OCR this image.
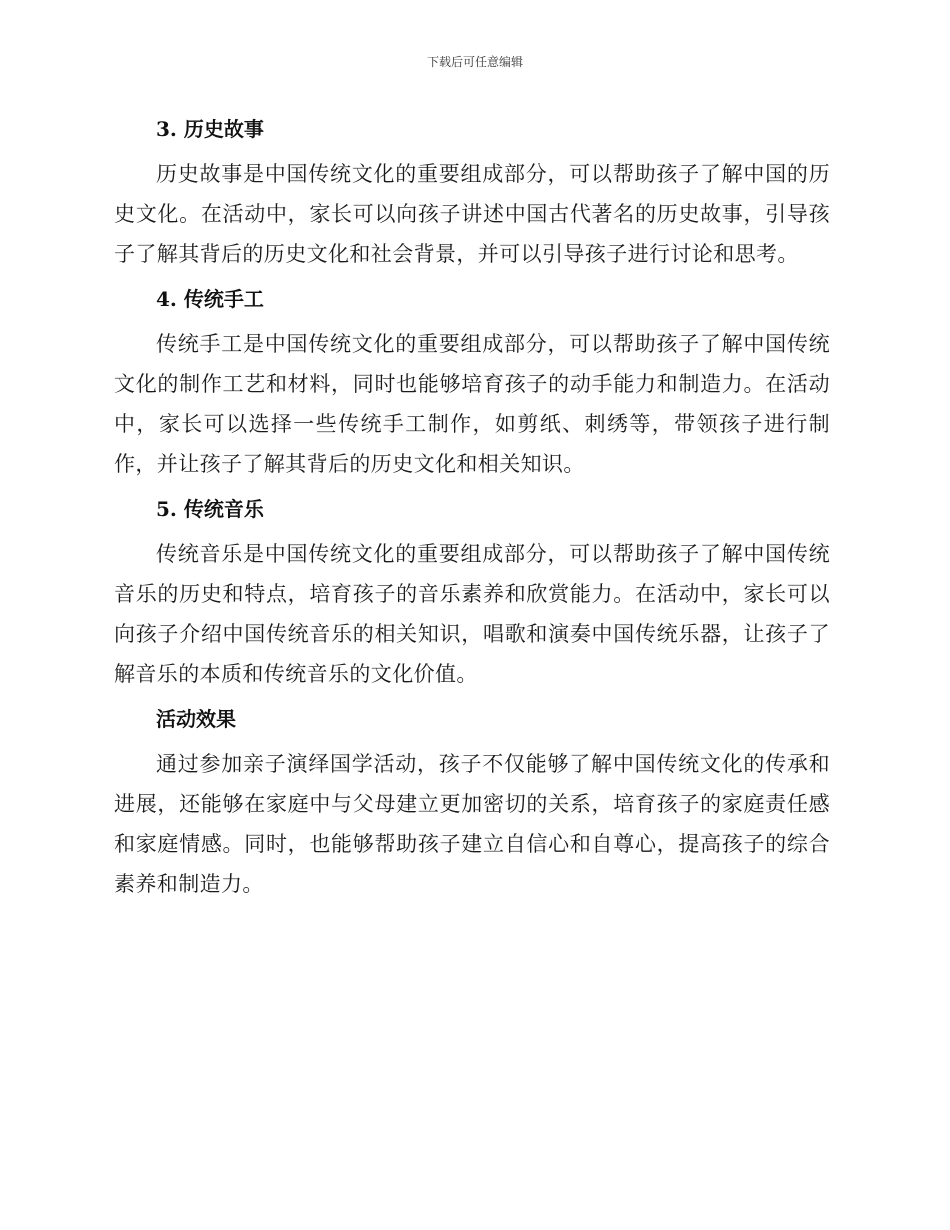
下载后可任意编辑
3. 历史故事

历史故事是中国传统文化的重要组成部分，可以帮助孩子了解中国的历史文化。在活动中，家长可以向孩子讲述中国古代著名的历史故事，引导孩子了解其背后的历史文化和社会背景，并可以引导孩子进行讨论和思考。

4. 传统手工

传统手工是中国传统文化的重要组成部分，可以帮助孩子了解中国传统文化的制作工艺和材料，同时也能够培育孩子的动手能力和制造力。在活动中，家长可以选择一些传统手工制作，如剪纸、刺绣等，带领孩子进行制作，并让孩子了解其背后的历史文化和相关知识。

5. 传统音乐

传统音乐是中国传统文化的重要组成部分，可以帮助孩子了解中国传统音乐的历史和特点，培育孩子的音乐素养和欣赏能力。在活动中，家长可以向孩子介绍中国传统音乐的相关知识，唱歌和演奏中国传统乐器，让孩子了解音乐的本质和传统音乐的文化价值。

活动效果

通过参加亲子演绎国学活动，孩子不仅能够了解中国传统文化的传承和进展，还能够在家庭中与父母建立更加密切的关系，培育孩子的家庭责任感和家庭情感。同时，也能够帮助孩子建立自信心和自尊心，提高孩子的综合素养和制造力。
